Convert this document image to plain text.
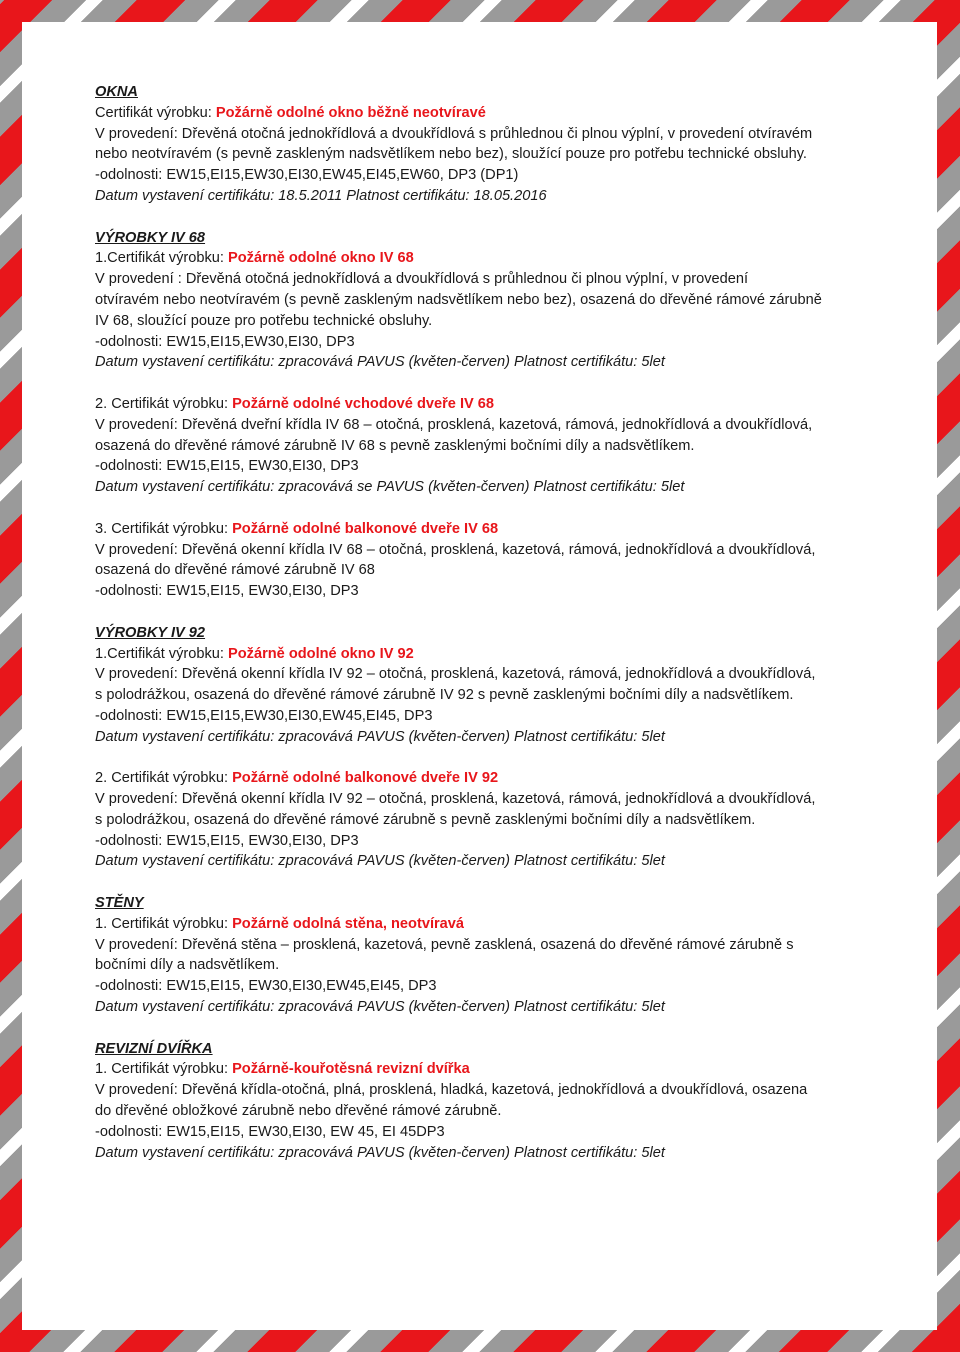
OKNA
Certifikát výrobku: Požárně odolné okno běžně neotvíravé
V provedení: Dřevěná otočná jednokřídlová a dvoukřídlová s průhlednou či plnou výplní, v provedení otvíravém
nebo neotvíravém (s pevně zaskleným nadsvětlíkem nebo bez), sloužící pouze pro potřebu technické obsluhy.
-odolnosti: EW15,EI15,EW30,EI30,EW45,EI45,EW60, DP3 (DP1)
Datum vystavení certifikátu: 18.5.2011 Platnost certifikátu: 18.05.2016
VÝROBKY IV 68
1.Certifikát výrobku: Požárně odolné okno IV 68
V provedení : Dřevěná otočná jednokřídlová a dvoukřídlová s průhlednou či plnou výplní, v provedení
otvíravém nebo neotvíravém (s pevně zaskleným nadsvětlíkem nebo bez), osazená do dřevěné rámové zárubně
IV 68, sloužící pouze pro potřebu technické obsluhy.
-odolnosti: EW15,EI15,EW30,EI30, DP3
Datum vystavení certifikátu: zpracovává PAVUS (květen-červen) Platnost certifikátu: 5let
2. Certifikát výrobku: Požárně odolné vchodové dveře IV 68
V provedení: Dřevěná dveřní křídla IV 68 – otočná, prosklená, kazetová, rámová, jednokřídlová a dvoukřídlová,
osazená do dřevěné rámové zárubně IV 68 s pevně zasklenými bočními díly a nadsvětlíkem.
-odolnosti: EW15,EI15, EW30,EI30, DP3
Datum vystavení certifikátu: zpracovává se PAVUS (květen-červen) Platnost certifikátu: 5let
3. Certifikát výrobku: Požárně odolné balkonové dveře IV 68
V provedení: Dřevěná okenní křídla IV 68 – otočná, prosklená, kazetová, rámová, jednokřídlová a dvoukřídlová,
osazená do dřevěné rámové zárubně IV 68
-odolnosti: EW15,EI15, EW30,EI30, DP3
VÝROBKY IV 92
1.Certifikát výrobku: Požárně odolné okno IV 92
V provedení: Dřevěná okenní křídla IV 92 – otočná, prosklená, kazetová, rámová, jednokřídlová a dvoukřídlová,
s polodrážkou, osazená do dřevěné rámové zárubně IV 92 s pevně zasklenými bočními díly a nadsvětlíkem.
-odolnosti: EW15,EI15,EW30,EI30,EW45,EI45, DP3
Datum vystavení certifikátu: zpracovává PAVUS (květen-červen) Platnost certifikátu: 5let
2. Certifikát výrobku: Požárně odolné balkonové dveře IV 92
V provedení: Dřevěná okenní křídla IV 92 – otočná, prosklená, kazetová, rámová, jednokřídlová a dvoukřídlová,
s polodrážkou, osazená do dřevěné rámové zárubně s pevně zasklenými bočními díly a nadsvětlíkem.
-odolnosti: EW15,EI15, EW30,EI30, DP3
Datum vystavení certifikátu: zpracovává PAVUS (květen-červen) Platnost certifikátu: 5let
STĚNY
1. Certifikát výrobku: Požárně odolná stěna, neotvíravá
V provedení: Dřevěná stěna – prosklená, kazetová, pevně zasklená, osazená do dřevěné rámové zárubně s
bočními díly a nadsvětlíkem.
-odolnosti: EW15,EI15, EW30,EI30,EW45,EI45, DP3
Datum vystavení certifikátu: zpracovává PAVUS (květen-červen) Platnost certifikátu: 5let
REVIZNÍ DVÍŘKA
1. Certifikát výrobku: Požárně-kouřotěsná revizní dvířka
V provedení: Dřevěná křídla-otočná, plná, prosklená, hladká, kazetová, jednokřídlová a dvoukřídlová, osazena
do dřevěné obložkové zárubně nebo dřevěné rámové zárubně.
-odolnosti: EW15,EI15, EW30,EI30, EW 45, EI 45DP3
Datum vystavení certifikátu: zpracovává PAVUS (květen-červen) Platnost certifikátu: 5let
